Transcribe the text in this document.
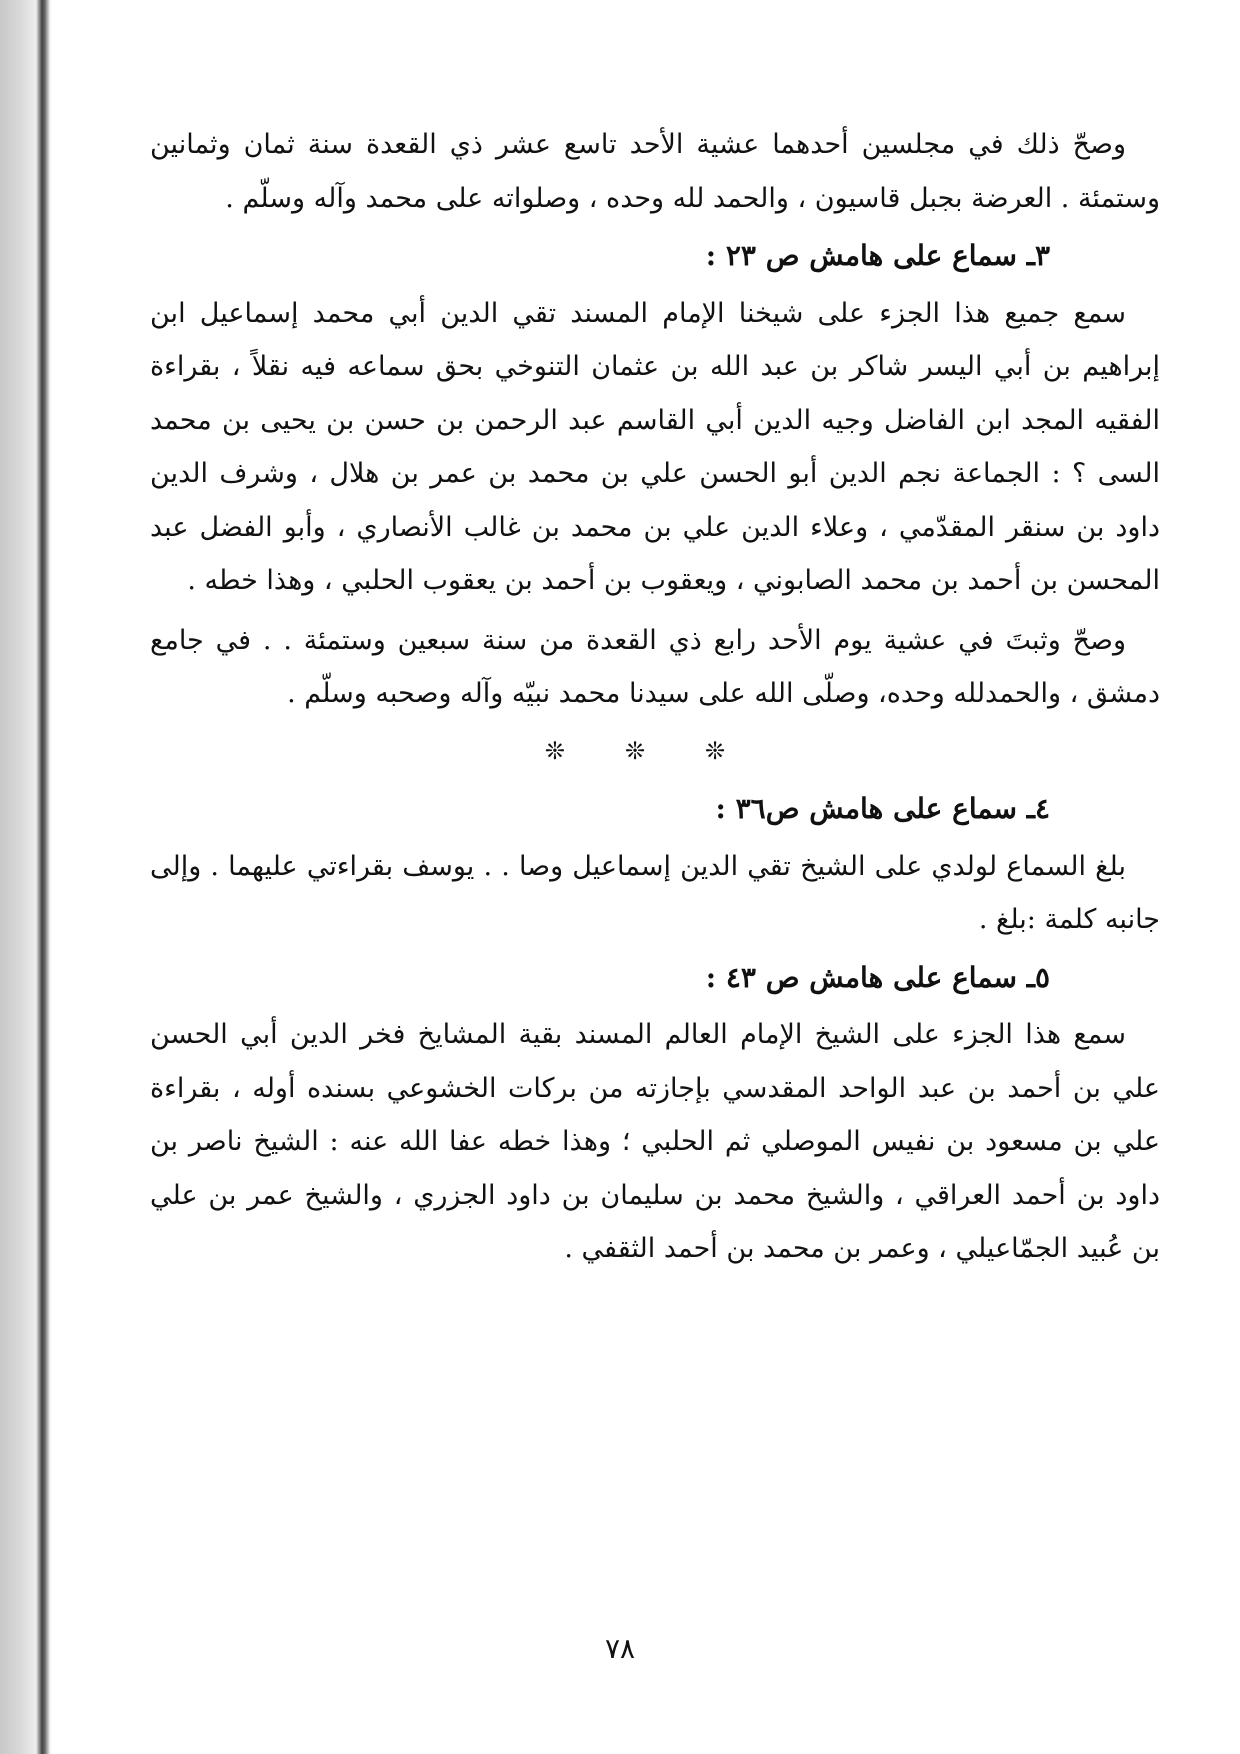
وصحّ ذلك في مجلسين أحدهما عشية الأحد تاسع عشر ذي القعدة سنة ثمان وثمانين وستمئة . العرضة بجبل قاسيون ، والحمد لله وحده ، وصلواته على محمد وآله وسلّم .

٣ـ سماع على هامش ص ٢٣ :

سمع جميع هذا الجزء على شيخنا الإمام المسند تقي الدين أبي محمد إسماعيل ابن إبراهيم بن أبي اليسر شاكر بن عبد الله بن عثمان التنوخي بحق سماعه فيه نقلاً ، بقراءة الفقيه المجد ابن الفاضل وجيه الدين أبي القاسم عبد الرحمن بن حسن بن يحيى بن محمد السى ؟ : الجماعة نجم الدين أبو الحسن علي بن محمد بن عمر بن هلال ، وشرف الدين داود بن سنقر المقدّمي ، وعلاء الدين علي بن محمد بن غالب الأنصاري ، وأبو الفضل عبد المحسن بن أحمد بن محمد الصابوني ، ويعقوب بن أحمد بن يعقوب الحلبي ، وهذا خطه .

وصحّ وثبتَ في عشية يوم الأحد رابع ذي القعدة من سنة سبعين وستمئة . . في جامع دمشق ، والحمدلله وحده، وصلّى الله على سيدنا محمد نبيّه وآله وصحبه وسلّم .

❊❊❊

٤ـ سماع على هامش ص٣٦ :

بلغ السماع لولدي على الشيخ تقي الدين إسماعيل وصا . . يوسف بقراءتي عليهما . وإلى جانبه كلمة :بلغ .

٥ـ سماع على هامش ص ٤٣ :

سمع هذا الجزء على الشيخ الإمام العالم المسند بقية المشايخ فخر الدين أبي الحسن علي بن أحمد بن عبد الواحد المقدسي بإجازته من بركات الخشوعي بسنده أوله ، بقراءة علي بن مسعود بن نفيس الموصلي ثم الحلبي ؛ وهذا خطه عفا الله عنه : الشيخ ناصر بن داود بن أحمد العراقي ، والشيخ محمد بن سليمان بن داود الجزري ، والشيخ عمر بن علي بن عُبيد الجمّاعيلي ، وعمر بن محمد بن أحمد الثقفي .

٧٨
